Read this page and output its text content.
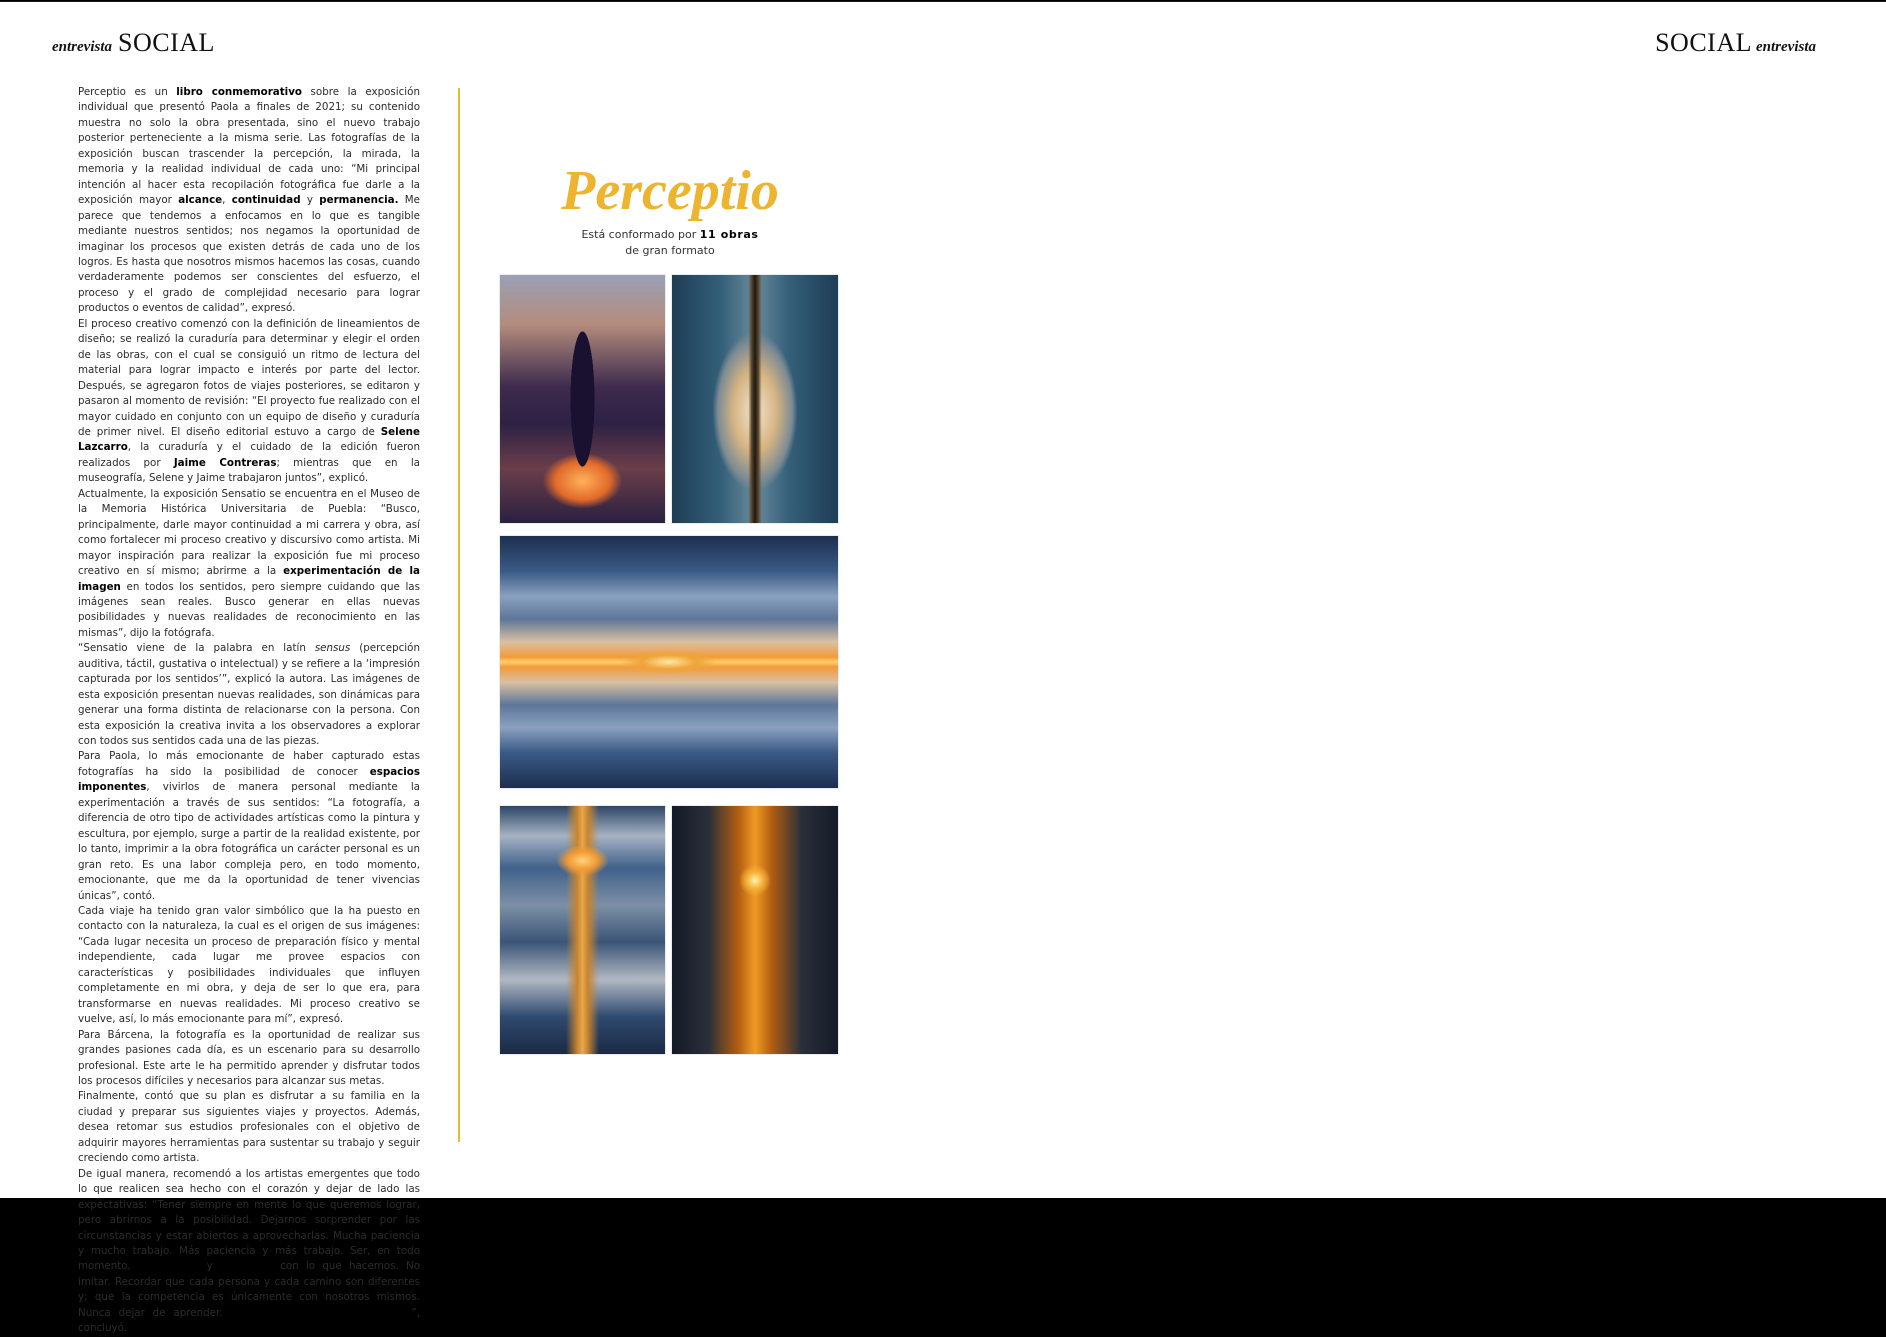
entrevista SOCIAL	SOCIAL entrevista

Perceptio es un libro conmemorativo sobre la exposición individual que presentó Paola a finales de 2021; su contenido muestra no solo la obra presentada, sino el nuevo trabajo posterior perteneciente a la misma serie. Las fotografías de la exposición buscan trascender la percepción, la mirada, la memoria y la realidad individual de cada uno: “Mi principal intención al hacer esta recopilación fotográfica fue darle a la exposición mayor alcance, continuidad y permanencia. Me parece que tendemos a enfocamos en lo que es tangible mediante nuestros sentidos; nos negamos la oportunidad de imaginar los procesos que existen detrás de cada uno de los logros. Es hasta que nosotros mismos hacemos las cosas, cuando verdaderamente podemos ser conscientes del esfuerzo, el proceso y el grado de complejidad necesario para lograr productos o eventos de calidad”, expresó.

El proceso creativo comenzó con la definición de lineamientos de diseño; se realizó la curaduría para determinar y elegir el orden de las obras, con el cual se consiguió un ritmo de lectura del material para lograr impacto e interés por parte del lector. Después, se agregaron fotos de viajes posteriores, se editaron y pasaron al momento de revisión: “El proyecto fue realizado con el mayor cuidado en conjunto con un equipo de diseño y curaduría de primer nivel. El diseño editorial estuvo a cargo de Selene Lazcarro, la curaduría y el cuidado de la edición fueron realizados por Jaime Contreras; mientras que en la museografía, Selene y Jaime trabajaron juntos”, explicó.

Actualmente, la exposición Sensatio se encuentra en el Museo de la Memoria Histórica Universitaria de Puebla: “Busco, principalmente, darle mayor continuidad a mi carrera y obra, así como fortalecer mi proceso creativo y discursivo como artista. Mi mayor inspiración para realizar la exposición fue mi proceso creativo en sí mismo; abrirme a la experimentación de la imagen en todos los sentidos, pero siempre cuidando que las imágenes sean reales. Busco generar en ellas nuevas posibilidades y nuevas realidades de reconocimiento en las mismas”, dijo la fotógrafa.

“Sensatio viene de la palabra en latín sensus (percepción auditiva, táctil, gustativa o intelectual) y se refiere a la ‘impresión capturada por los sentidos’”, explicó la autora. Las imágenes de esta exposición presentan nuevas realidades, son dinámicas para generar una forma distinta de relacionarse con la persona. Con esta exposición la creativa invita a los observadores a explorar con todos sus sentidos cada una de las piezas.

Para Paola, lo más emocionante de haber capturado estas fotografías ha sido la posibilidad de conocer espacios imponentes, vivirlos de manera personal mediante la experimentación a través de sus sentidos: “La fotografía, a diferencia de otro tipo de actividades artísticas como la pintura y escultura, por ejemplo, surge a partir de la realidad existente, por lo tanto, imprimir a la obra fotográfica un carácter personal es un gran reto. Es una labor compleja pero, en todo momento, emocionante, que me da la oportunidad de tener vivencias únicas”, contó.

Cada viaje ha tenido gran valor simbólico que la ha puesto en contacto con la naturaleza, la cual es el origen de sus imágenes: “Cada lugar necesita un proceso de preparación físico y mental independiente, cada lugar me provee espacios con características y posibilidades individuales que influyen completamente en mi obra, y deja de ser lo que era, para transformarse en nuevas realidades. Mi proceso creativo se vuelve, así, lo más emocionante para mí”, expresó.

Para Bárcena, la fotografía es la oportunidad de realizar sus grandes pasiones cada día, es un escenario para su desarrollo profesional. Este arte le ha permitido aprender y disfrutar todos los procesos difíciles y necesarios para alcanzar sus metas.

Finalmente, contó que su plan es disfrutar a su familia en la ciudad y preparar sus siguientes viajes y proyectos. Además, desea retomar sus estudios profesionales con el objetivo de adquirir mayores herramientas para sustentar su trabajo y seguir creciendo como artista.

De igual manera, recomendó a los artistas emergentes que todo lo que realicen sea hecho con el corazón y dejar de lado las expectativas: “Tener siempre en mente lo que queremos lograr, pero abrirnos a la posibilidad. Dejarnos sorprender por las circunstancias y estar abiertos a aprovecharlas. Mucha paciencia y mucho trabajo. Más paciencia y más trabajo. Ser, en todo momento, auténticos y honestos con lo que hacemos. No imitar. Recordar que cada persona y cada camino son diferentes y; que la competencia es únicamente con nosotros mismos. Nunca dejar de aprender. Descubrir una línea personal”, concluyó.

Perceptio
Está conformado por 11 obras
de gran formato
